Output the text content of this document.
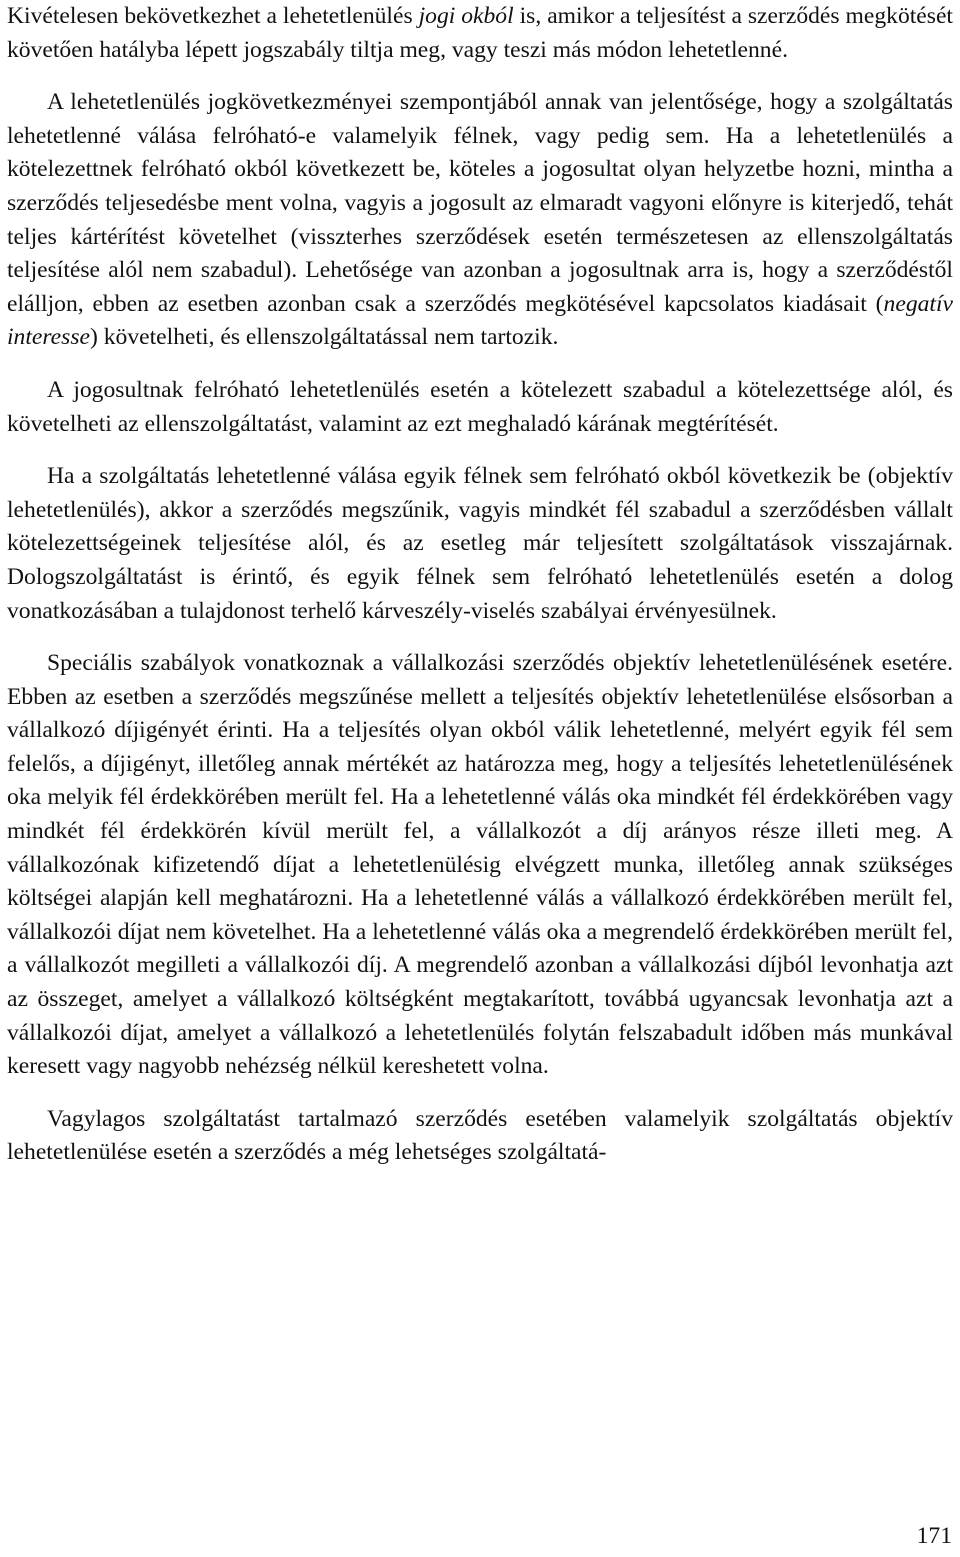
Kivételesen bekövetkezhet a lehetetlenülés jogi okból is, amikor a teljesítést a szerződés megkötését követően hatályba lépett jogszabály tiltja meg, vagy teszi más módon lehetetlenné.

A lehetetlenülés jogkövetkezményei szempontjából annak van jelentősége, hogy a szolgáltatás lehetetlenné válása felróható-e valamelyik félnek, vagy pedig sem. Ha a lehetetlenülés a kötelezettnek felróható okból következett be, köteles a jogosultat olyan helyzetbe hozni, mintha a szerződés teljesedésbe ment volna, vagyis a jogosult az elmaradt vagyoni előnyre is kiterjedő, tehát teljes kártérítést követelhet (visszterhes szerződések esetén természetesen az ellenszolgáltatás teljesítése alól nem szabadul). Lehetősége van azonban a jogosultnak arra is, hogy a szerződéstől elálljon, ebben az esetben azonban csak a szerződés megkötésével kapcsolatos kiadásait (negatív interesse) követelheti, és ellenszolgáltatással nem tartozik.

A jogosultnak felróható lehetetlenülés esetén a kötelezett szabadul a kötelezettsége alól, és követelheti az ellenszolgáltatást, valamint az ezt meghaladó kárának megtérítését.

Ha a szolgáltatás lehetetlenné válása egyik félnek sem felróható okból következik be (objektív lehetetlenülés), akkor a szerződés megszűnik, vagyis mindkét fél szabadul a szerződésben vállalt kötelezettségeinek teljesítése alól, és az esetleg már teljesített szolgáltatások visszajárnak. Dologszolgáltatást is érintő, és egyik félnek sem felróható lehetetlenülés esetén a dolog vonatkozásában a tulajdonost terhelő kárveszély-viselés szabályai érvényesülnek.

Speciális szabályok vonatkoznak a vállalkozási szerződés objektív lehetetlenülésének esetére. Ebben az esetben a szerződés megszűnése mellett a teljesítés objektív lehetetlenülése elsősorban a vállalkozó díjigényét érinti. Ha a teljesítés olyan okból válik lehetetlenné, melyért egyik fél sem felelős, a díjigényt, illetőleg annak mértékét az határozza meg, hogy a teljesítés lehetetlenülésének oka melyik fél érdekkörében merült fel. Ha a lehetetlenné válás oka mindkét fél érdekkörében vagy mindkét fél érdekkörén kívül merült fel, a vállalkozót a díj arányos része illeti meg. A vállalkozónak kifizetendő díjat a lehetetlenülésig elvégzett munka, illetőleg annak szükséges költségei alapján kell meghatározni. Ha a lehetetlenné válás a vállalkozó érdekkörében merült fel, vállalkozói díjat nem követelhet. Ha a lehetetlenné válás oka a megrendelő érdekkörében merült fel, a vállalkozót megilleti a vállalkozói díj. A megrendelő azonban a vállalkozási díjból levonhatja azt az összeget, amelyet a vállalkozó költségként megtakarított, továbbá ugyancsak levonhatja azt a vállalkozói díjat, amelyet a vállalkozó a lehetetlenülés folytán felszabadult időben más munkával keresett vagy nagyobb nehézség nélkül kereshetett volna.

Vagylagos szolgáltatást tartalmazó szerződés esetében valamelyik szolgáltatás objektív lehetetlenülése esetén a szerződés a még lehetséges szolgáltatá-

171
